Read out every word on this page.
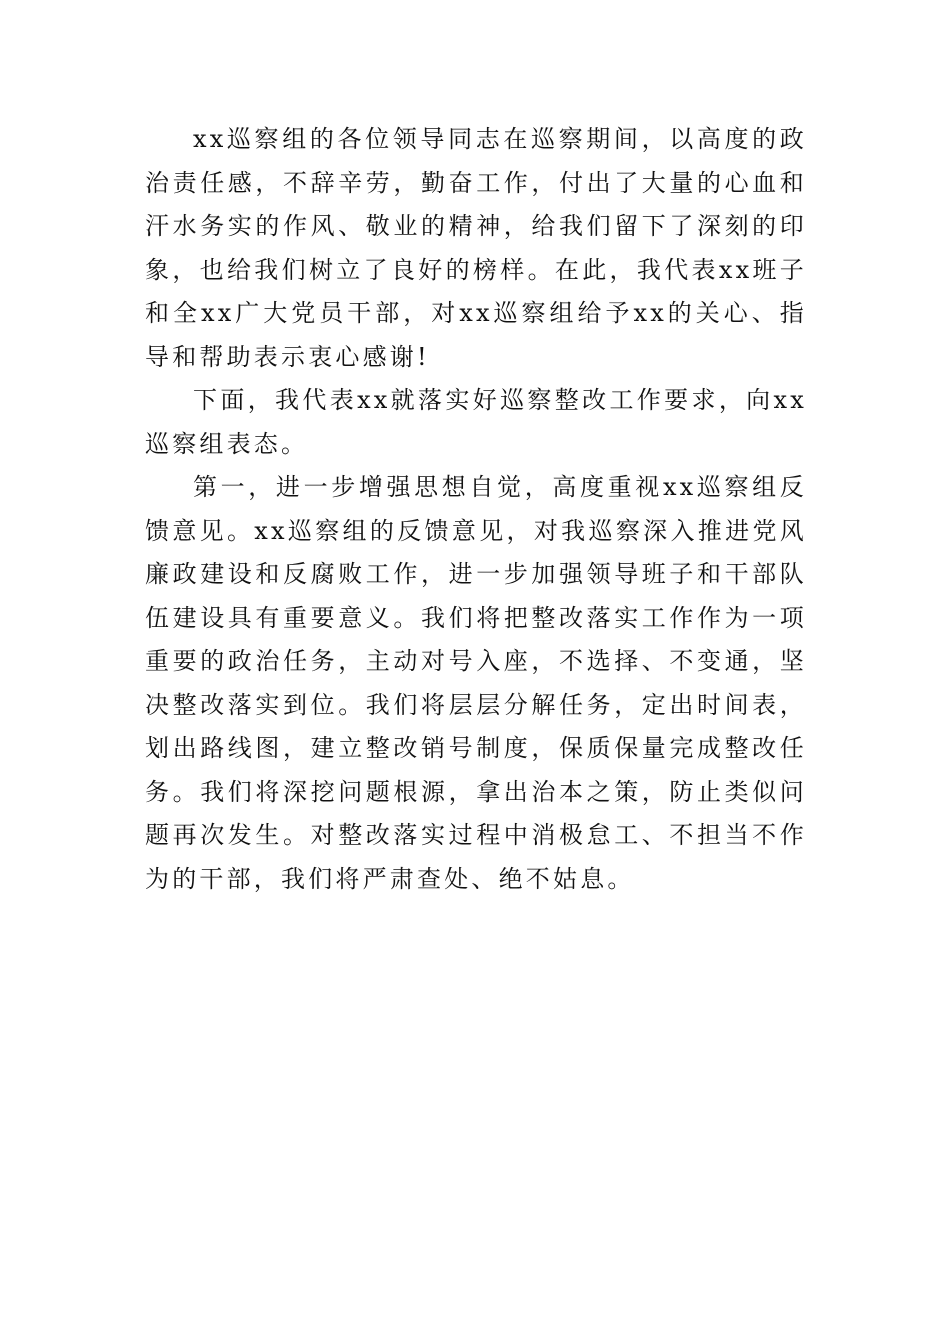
xx巡察组的各位领导同志在巡察期间，以高度的政治责任感，不辞辛劳，勤奋工作，付出了大量的心血和汗水务实的作风、敬业的精神，给我们留下了深刻的印象，也给我们树立了良好的榜样。在此，我代表xx班子和全xx广大党员干部，对xx巡察组给予xx的关心、指导和帮助表示衷心感谢!

下面，我代表xx就落实好巡察整改工作要求，向xx巡察组表态。

第一，进一步增强思想自觉，高度重视xx巡察组反馈意见。xx巡察组的反馈意见，对我巡察深入推进党风廉政建设和反腐败工作，进一步加强领导班子和干部队伍建设具有重要意义。我们将把整改落实工作作为一项重要的政治任务，主动对号入座，不选择、不变通，坚决整改落实到位。我们将层层分解任务，定出时间表，划出路线图，建立整改销号制度，保质保量完成整改任务。我们将深挖问题根源，拿出治本之策，防止类似问题再次发生。对整改落实过程中消极怠工、不担当不作为的干部，我们将严肃查处、绝不姑息。
